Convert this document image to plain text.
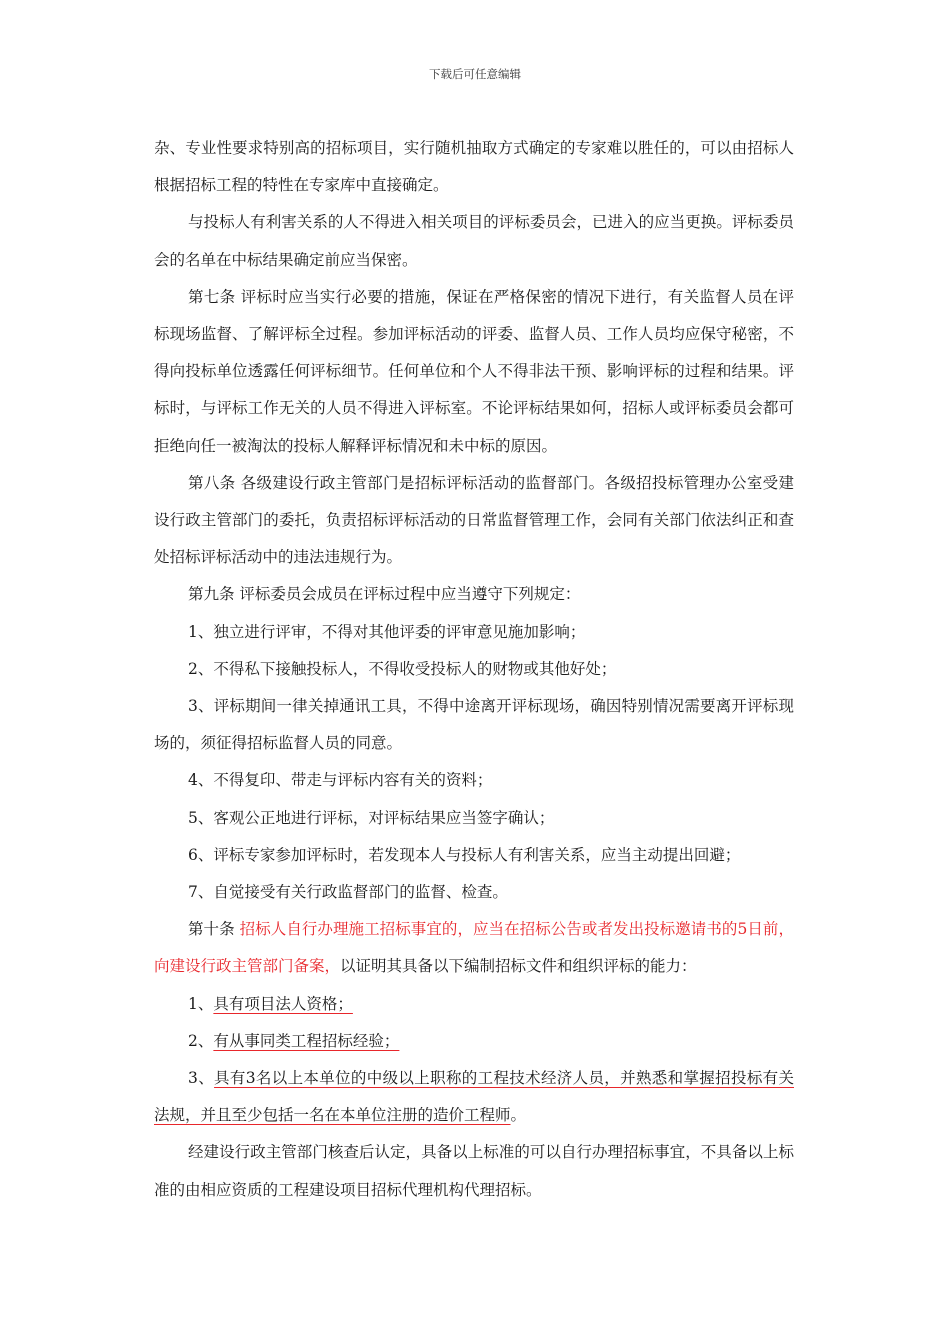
下载后可任意编辑

杂、专业性要求特别高的招标项目，实行随机抽取方式确定的专家难以胜任的，可以由招标人根据招标工程的特性在专家库中直接确定。

与投标人有利害关系的人不得进入相关项目的评标委员会，已进入的应当更换。评标委员会的名单在中标结果确定前应当保密。

第七条 评标时应当实行必要的措施，保证在严格保密的情况下进行，有关监督人员在评标现场监督、了解评标全过程。参加评标活动的评委、监督人员、工作人员均应保守秘密，不得向投标单位透露任何评标细节。任何单位和个人不得非法干预、影响评标的过程和结果。评标时，与评标工作无关的人员不得进入评标室。不论评标结果如何，招标人或评标委员会都可拒绝向任一被淘汰的投标人解释评标情况和未中标的原因。

第八条 各级建设行政主管部门是招标评标活动的监督部门。各级招投标管理办公室受建设行政主管部门的委托，负责招标评标活动的日常监督管理工作，会同有关部门依法纠正和查处招标评标活动中的违法违规行为。

第九条 评标委员会成员在评标过程中应当遵守下列规定：

1、独立进行评审，不得对其他评委的评审意见施加影响；

2、不得私下接触投标人，不得收受投标人的财物或其他好处；

3、评标期间一律关掉通讯工具，不得中途离开评标现场，确因特别情况需要离开评标现场的，须征得招标监督人员的同意。

4、不得复印、带走与评标内容有关的资料；

5、客观公正地进行评标，对评标结果应当签字确认；

6、评标专家参加评标时，若发现本人与投标人有利害关系，应当主动提出回避；

7、自觉接受有关行政监督部门的监督、检查。

第十条 招标人自行办理施工招标事宜的，应当在招标公告或者发出投标邀请书的5日前，向建设行政主管部门备案，以证明其具备以下编制招标文件和组织评标的能力：

1、具有项目法人资格；

2、有从事同类工程招标经验；

3、具有3名以上本单位的中级以上职称的工程技术经济人员，并熟悉和掌握招投标有关法规，并且至少包括一名在本单位注册的造价工程师。

经建设行政主管部门核查后认定，具备以上标准的可以自行办理招标事宜，不具备以上标准的由相应资质的工程建设项目招标代理机构代理招标。
